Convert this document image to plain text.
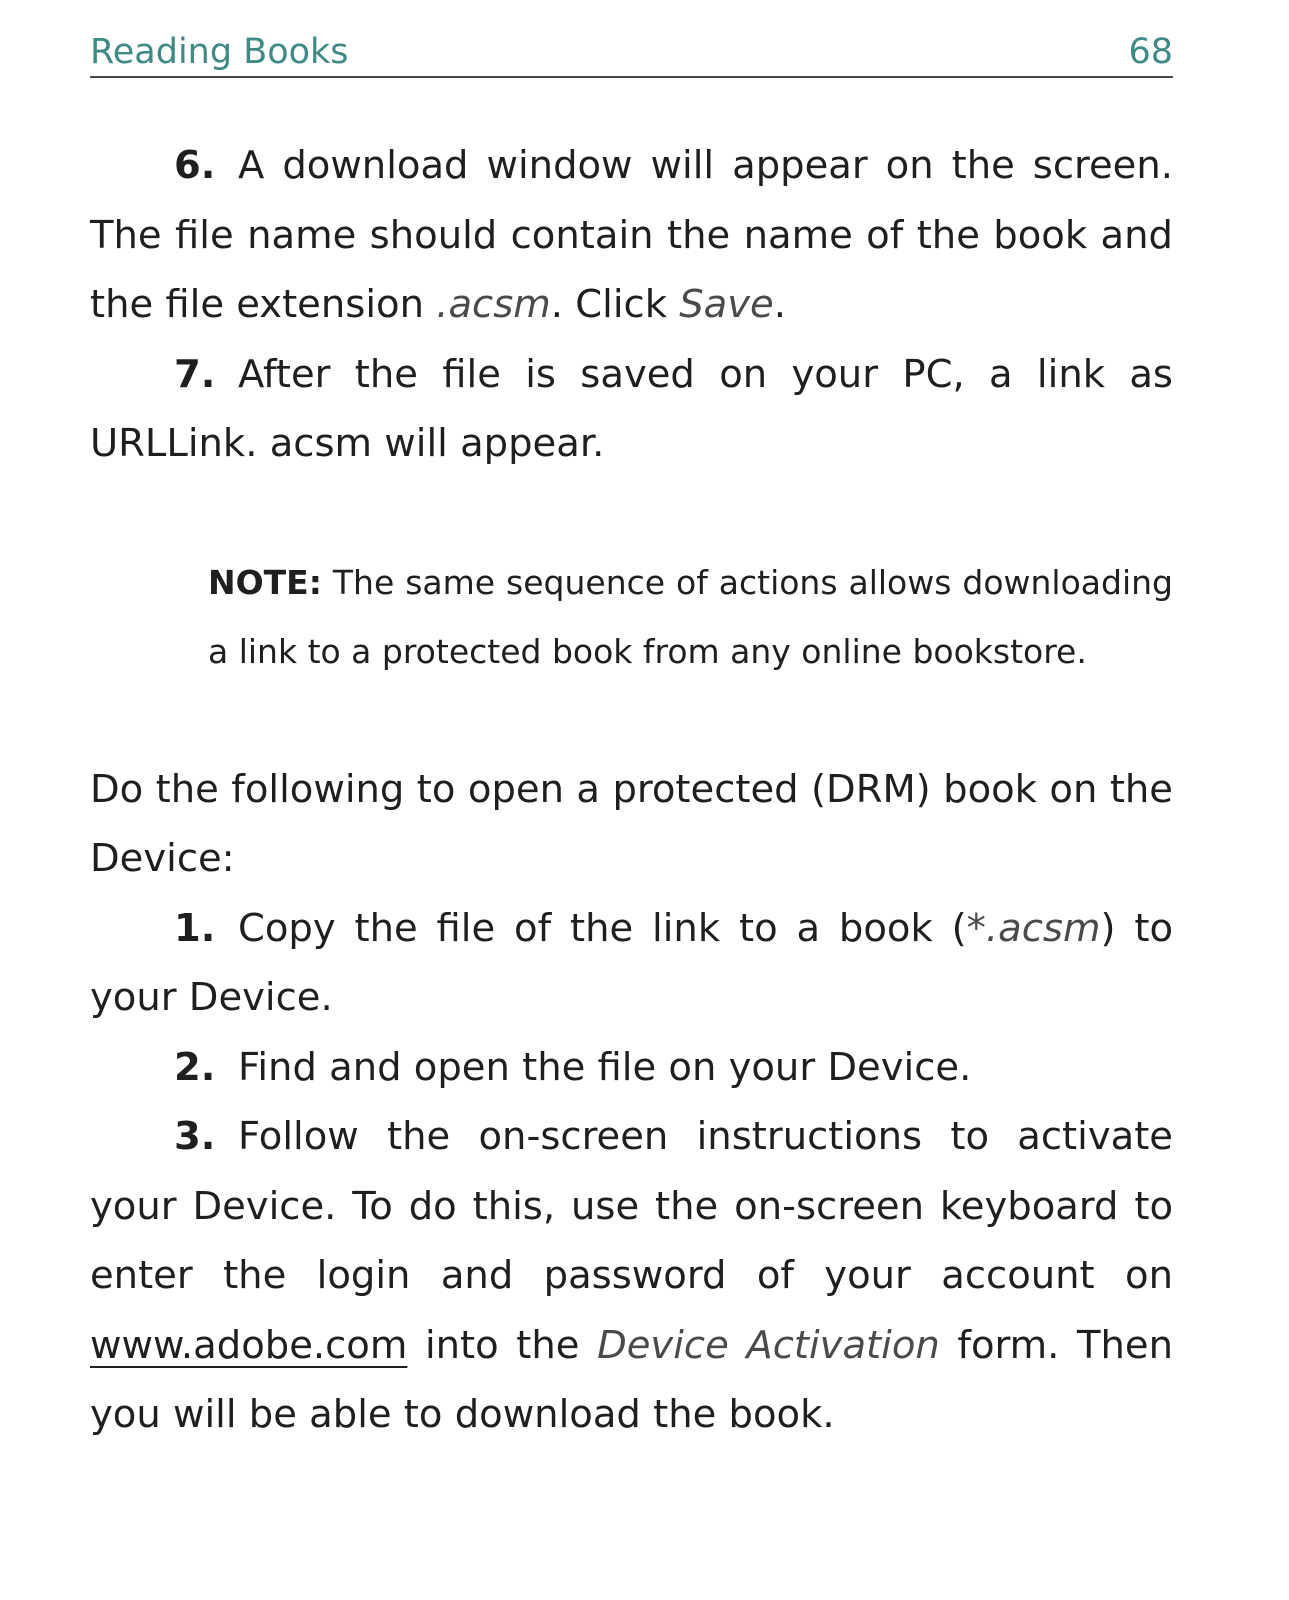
Reading Books	68

6. A download window will appear on the screen. The file name should contain the name of the book and the file extension .acsm. Click Save.

7. After the file is saved on your PC, a link as URLLink. acsm will appear.

NOTE: The same sequence of actions allows downloading a link to a protected book from any online bookstore.

Do the following to open a protected (DRM) book on the Device:

1. Copy the file of the link to a book (*.acsm) to your Device.

2. Find and open the file on your Device.

3. Follow the on-screen instructions to activate your Device. To do this, use the on-screen keyboard to enter the login and password of your account on www.adobe.com into the Device Activation form. Then you will be able to download the book.
